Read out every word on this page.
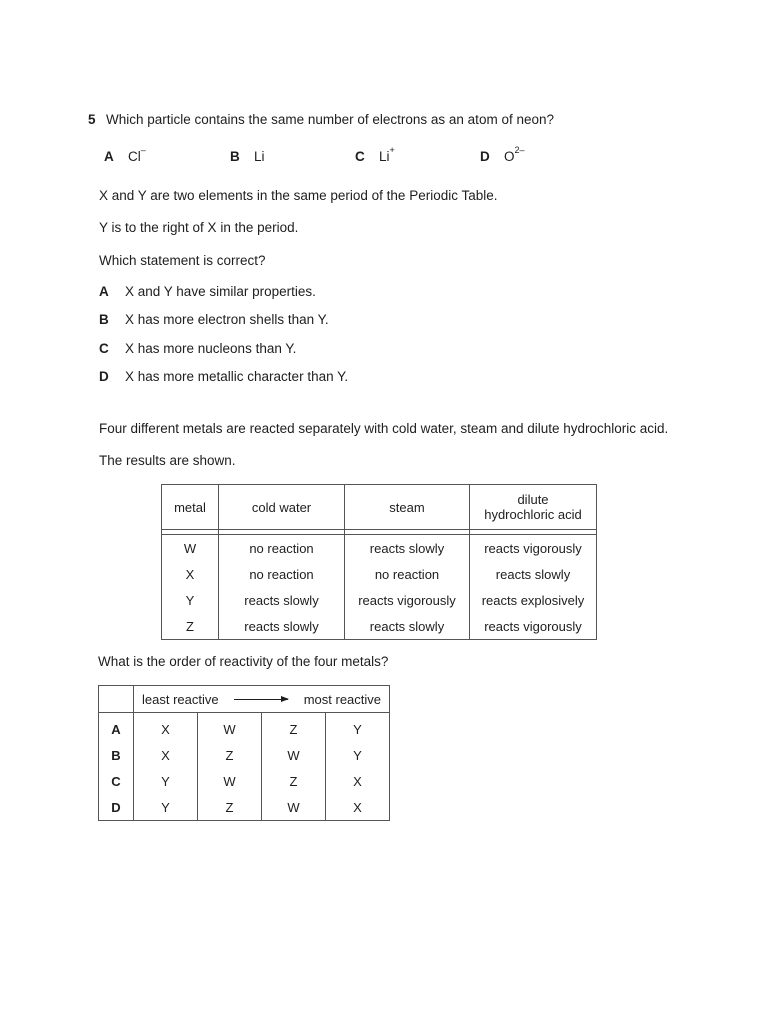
5 Which particle contains the same number of electrons as an atom of neon?
A Cl–	B Li	C Li+	D $O^{2-}$
X and Y are two elements in the same period of the Periodic Table.
Y is to the right of X in the period.
Which statement is correct?
A X and Y have similar properties.
B X has more electron shells than Y.
C X has more nucleons than Y.
D X has more metallic character than Y.
Four different metals are reacted separately with cold water, steam and dilute hydrochloric acid.
The results are shown.
metal	cold water	steam	dilute
hydrochloric acid

W	no reaction	reacts slowly	reacts vigorously
X	no reaction	no reaction	reacts slowly
Y	reacts slowly	reacts vigorously	reacts explosively
Z	reacts slowly	reacts slowly	reacts vigorously
What is the order of reactivity of the four metals?

	least reactive most reactive			

A	X	W	Z	Y
B	X	Z	W	Y
C	Y	W	Z	X
D	Y	Z	W	X
